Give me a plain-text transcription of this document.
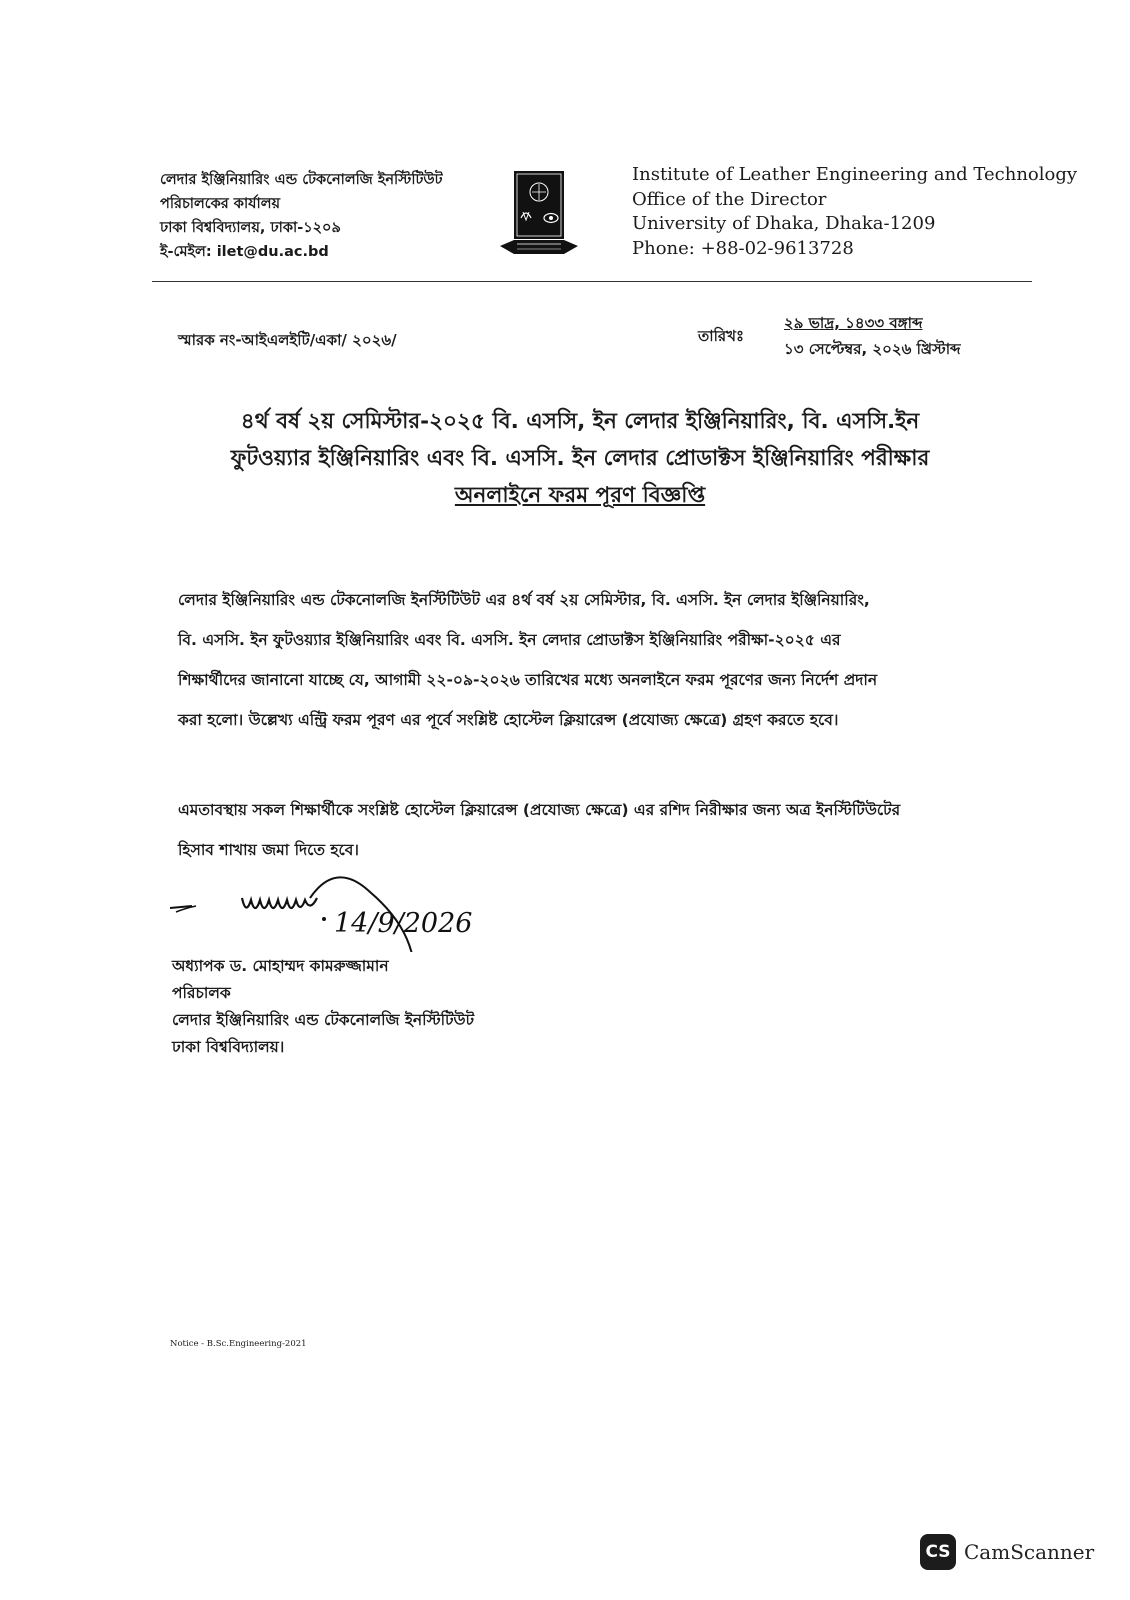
লেদার ইঞ্জিনিয়ারিং এন্ড টেকনোলজি ইনস্টিটিউট
পরিচালকের কার্যালয়
ঢাকা বিশ্ববিদ্যালয়, ঢাকা-১২০৯
ই-মেইল: ilet@du.ac.bd
Institute of Leather Engineering and Technology
Office of the Director
University of Dhaka, Dhaka-1209
Phone: +88-02-9613728
স্মারক নং-আইএলইটি/একা/ ২০২৬/	তারিখঃ
২৯ ভাদ্র, ১৪৩৩ বঙ্গাব্দ
১৩ সেপ্টেম্বর, ২০২৬ খ্রিস্টাব্দ
৪র্থ বর্ষ ২য় সেমিস্টার-২০২৫ বি. এসসি, ইন লেদার ইঞ্জিনিয়ারিং, বি. এসসি.ইন
ফুটওয়্যার ইঞ্জিনিয়ারিং এবং বি. এসসি. ইন লেদার প্রোডাক্টস ইঞ্জিনিয়ারিং পরীক্ষার
অনলাইনে ফরম পূরণ বিজ্ঞপ্তি
লেদার ইঞ্জিনিয়ারিং এন্ড টেকনোলজি ইনস্টিটিউট এর ৪র্থ বর্ষ ২য় সেমিস্টার, বি. এসসি. ইন লেদার ইঞ্জিনিয়ারিং,
বি. এসসি. ইন ফুটওয়্যার ইঞ্জিনিয়ারিং এবং বি. এসসি. ইন লেদার প্রোডাক্টস ইঞ্জিনিয়ারিং পরীক্ষা-২০২৫ এর
শিক্ষার্থীদের জানানো যাচ্ছে যে, আগামী ২২-০৯-২০২৬ তারিখের মধ্যে অনলাইনে ফরম পূরণের জন্য নির্দেশ প্রদান
করা হলো। উল্লেখ্য এন্ট্রি ফরম পূরণ এর পূর্বে সংশ্লিষ্ট হোস্টেল ক্লিয়ারেন্স (প্রযোজ্য ক্ষেত্রে) গ্রহণ করতে হবে।
এমতাবস্থায় সকল শিক্ষার্থীকে সংশ্লিষ্ট হোস্টেল ক্লিয়ারেন্স (প্রযোজ্য ক্ষেত্রে) এর রশিদ নিরীক্ষার জন্য অত্র ইনস্টিটিউটের
হিসাব শাখায় জমা দিতে হবে।
14/9/2026
অধ্যাপক ড. মোহাম্মদ কামরুজ্জামান
পরিচালক
লেদার ইঞ্জিনিয়ারিং এন্ড টেকনোলজি ইনস্টিটিউট
ঢাকা বিশ্ববিদ্যালয়।
Notice - B.Sc.Engineering-2021
CS CamScanner
